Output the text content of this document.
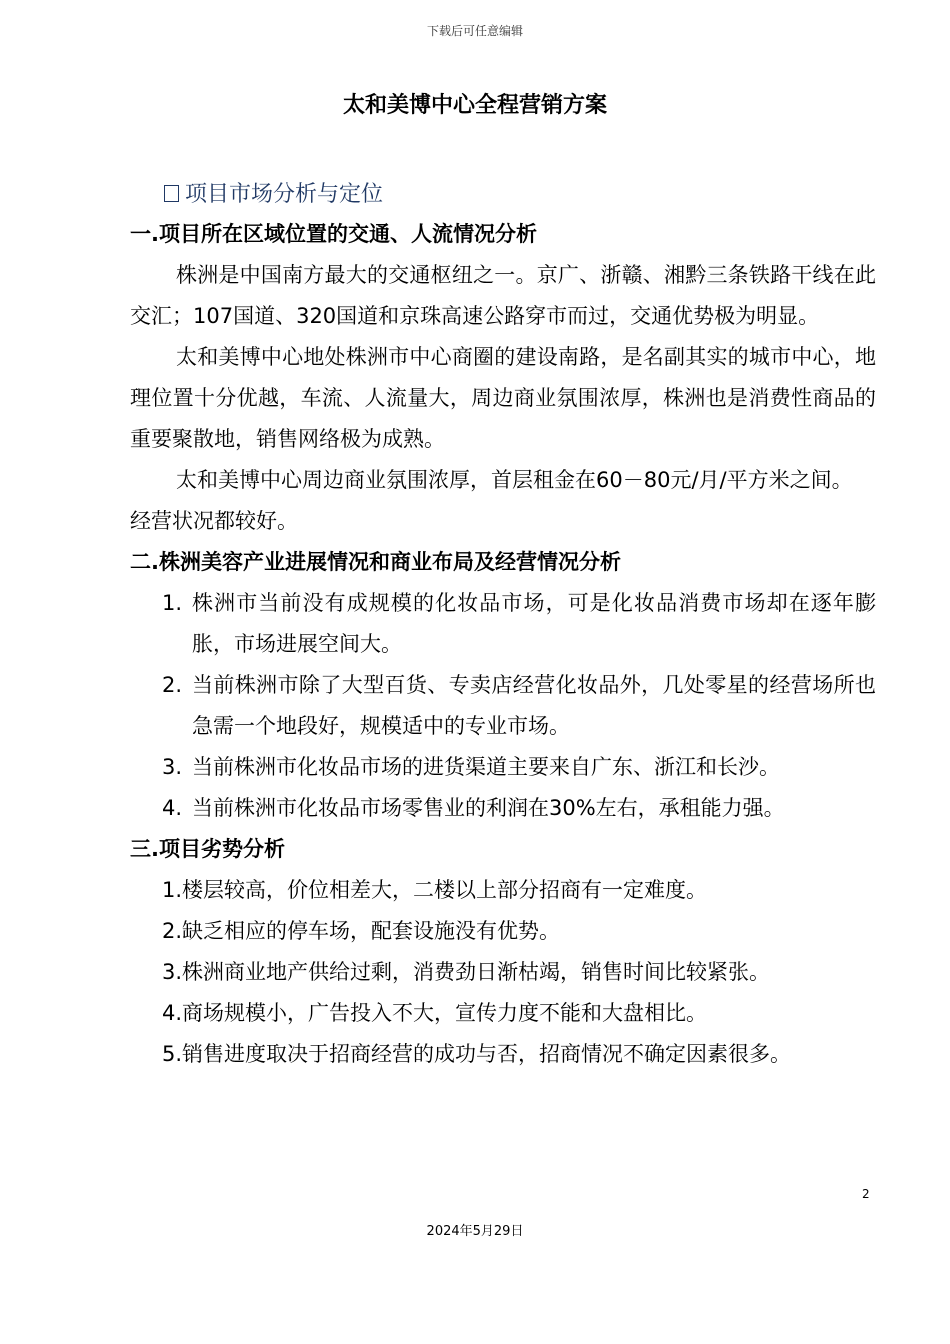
下载后可任意编辑
太和美博中心全程营销方案
项目市场分析与定位
一.项目所在区域位置的交通、人流情况分析
株洲是中国南方最大的交通枢纽之一。京广、浙赣、湘黔三条铁路干线在此交汇；107国道、320国道和京珠高速公路穿市而过，交通优势极为明显。
太和美博中心地处株洲市中心商圈的建设南路，是名副其实的城市中心，地理位置十分优越，车流、人流量大，周边商业氛围浓厚，株洲也是消费性商品的重要聚散地，销售网络极为成熟。
太和美博中心周边商业氛围浓厚，首层租金在60－80元/月/平方米之间。
经营状况都较好。
二.株洲美容产业进展情况和商业布局及经营情况分析
1. 株洲市当前没有成规模的化妆品市场，可是化妆品消费市场却在逐年膨胀，市场进展空间大。
2. 当前株洲市除了大型百货、专卖店经营化妆品外，几处零星的经营场所也急需一个地段好，规模适中的专业市场。
3. 当前株洲市化妆品市场的进货渠道主要来自广东、浙江和长沙。
4. 当前株洲市化妆品市场零售业的利润在30%左右，承租能力强。
三.项目劣势分析
1.楼层较高，价位相差大，二楼以上部分招商有一定难度。
2.缺乏相应的停车场，配套设施没有优势。
3.株洲商业地产供给过剩，消费劲日渐枯竭，销售时间比较紧张。
4.商场规模小，广告投入不大，宣传力度不能和大盘相比。
5.销售进度取决于招商经营的成功与否，招商情况不确定因素很多。
2
2024年5月29日
